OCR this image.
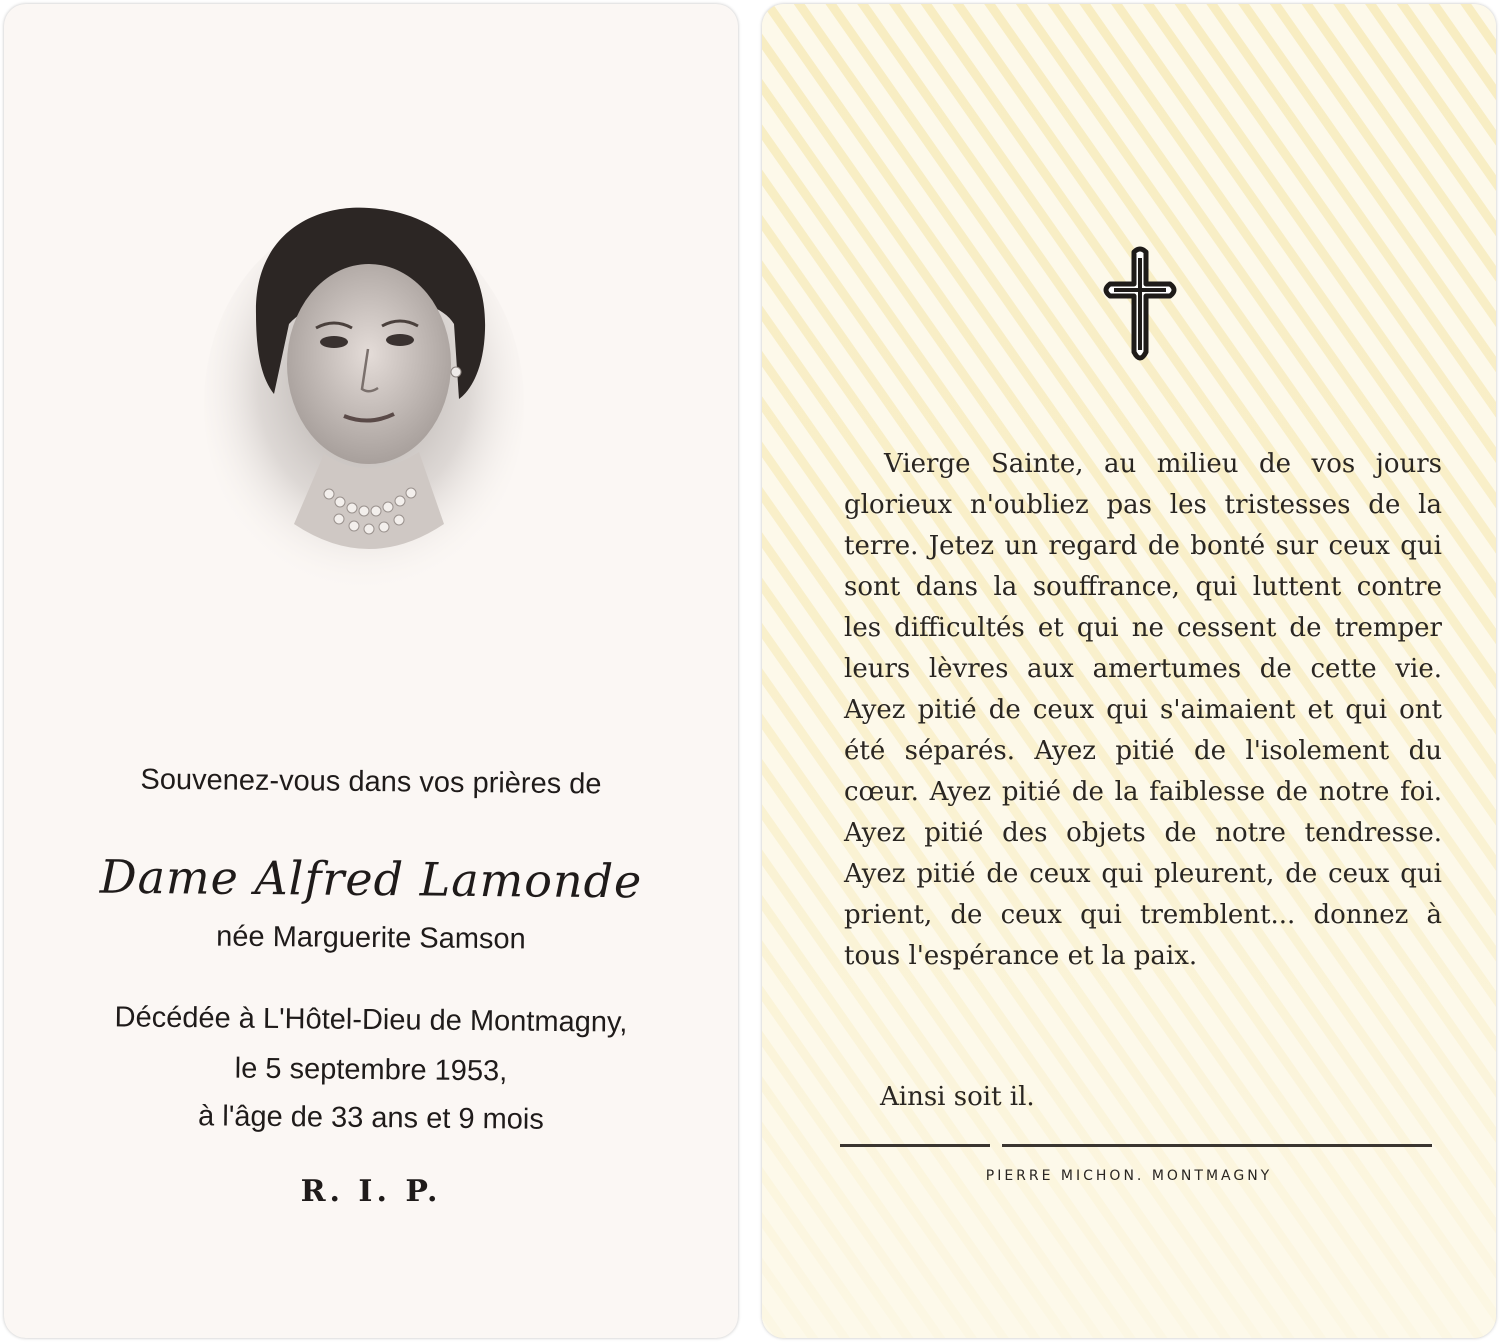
Souvenez-vous dans vos prières de
Dame Alfred Lamonde
née Marguerite Samson
Décédée à L'Hôtel-Dieu de Montmagny,
le 5 septembre 1953,
à l'âge de 33 ans et 9 mois
R. I. P.
Vierge Sainte, au milieu de vos jours glorieux n'oubliez pas les tristesses de la terre. Jetez un regard de bonté sur ceux qui sont dans la souffrance, qui luttent contre les difficultés et qui ne cessent de tremper leurs lèvres aux amertumes de cette vie. Ayez pitié de ceux qui s'aimaient et qui ont été séparés. Ayez pitié de l'isolement du cœur. Ayez pitié de la faiblesse de notre foi. Ayez pitié des objets de notre tendresse. Ayez pitié de ceux qui pleurent, de ceux qui prient, de ceux qui tremblent... donnez à tous l'espérance et la paix.
Ainsi soit il.
PIERRE MICHON. MONTMAGNY
